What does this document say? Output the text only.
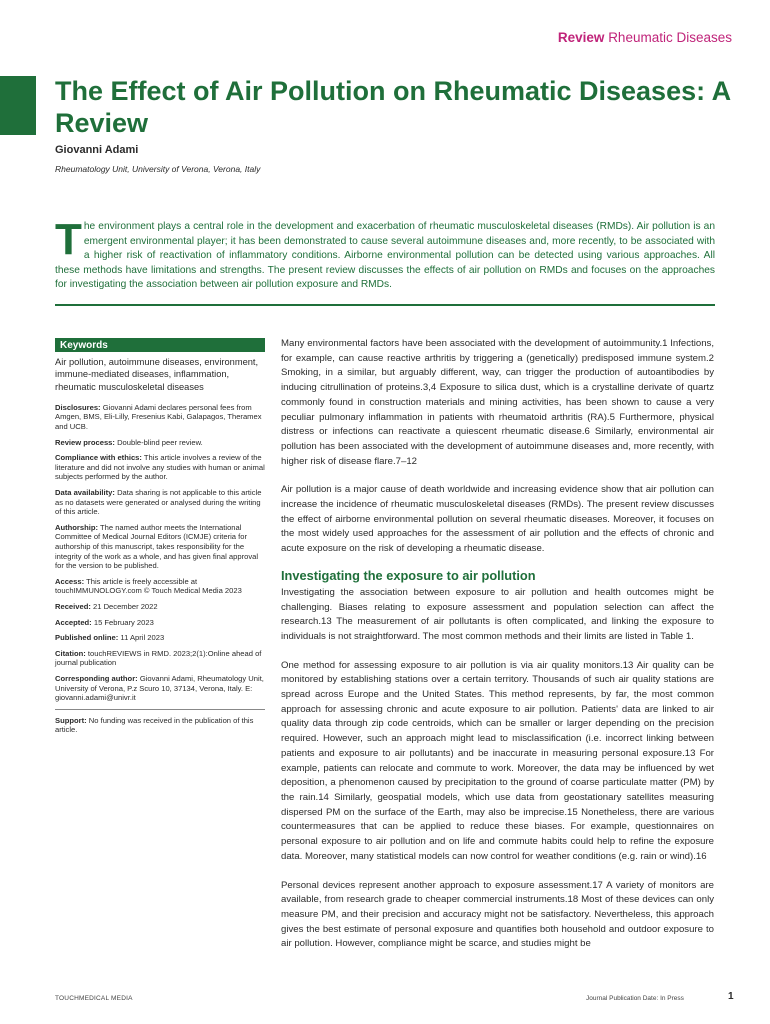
Review Rheumatic Diseases
The Effect of Air Pollution on Rheumatic Diseases: A Review
Giovanni Adami
Rheumatology Unit, University of Verona, Verona, Italy
The environment plays a central role in the development and exacerbation of rheumatic musculoskeletal diseases (RMDs). Air pollution is an emergent environmental player; it has been demonstrated to cause several autoimmune diseases and, more recently, to be associated with a higher risk of reactivation of inflammatory conditions. Airborne environmental pollution can be detected using various approaches. All these methods have limitations and strengths. The present review discusses the effects of air pollution on RMDs and focuses on the approaches for investigating the association between air pollution exposure and RMDs.
Keywords
Air pollution, autoimmune diseases, environment, immune-mediated diseases, inflammation, rheumatic musculoskeletal diseases
Disclosures: Giovanni Adami declares personal fees from Amgen, BMS, Eli-Lilly, Fresenius Kabi, Galapagos, Theramex and UCB.
Review process: Double-blind peer review.
Compliance with ethics: This article involves a review of the literature and did not involve any studies with human or animal subjects performed by the author.
Data availability: Data sharing is not applicable to this article as no datasets were generated or analysed during the writing of this article.
Authorship: The named author meets the International Committee of Medical Journal Editors (ICMJE) criteria for authorship of this manuscript, takes responsibility for the integrity of the work as a whole, and has given final approval for the version to be published.
Access: This article is freely accessible at touchIMMUNOLOGY.com © Touch Medical Media 2023
Received: 21 December 2022
Accepted: 15 February 2023
Published online: 11 April 2023
Citation: touchREVIEWS in RMD. 2023;2(1):Online ahead of journal publication
Corresponding author: Giovanni Adami, Rheumatology Unit, University of Verona, P.z Scuro 10, 37134, Verona, Italy. E: giovanni.adami@univr.it
Support: No funding was received in the publication of this article.

Many environmental factors have been associated with the development of autoimmunity.1 Infections, for example, can cause reactive arthritis by triggering a (genetically) predisposed immune system.2 Smoking, in a similar, but arguably different, way, can trigger the production of autoantibodies by inducing citrullination of proteins.3,4 Exposure to silica dust, which is a crystalline derivate of quartz commonly found in construction materials and mining activities, has been shown to cause a very peculiar pulmonary inflammation in patients with rheumatoid arthritis (RA).5 Furthermore, physical distress or infections can reactivate a quiescent rheumatic disease.6 Similarly, environmental air pollution has been associated with the development of autoimmune diseases and, more recently, with higher risk of disease flare.7–12

Air pollution is a major cause of death worldwide and increasing evidence show that air pollution can increase the incidence of rheumatic musculoskeletal diseases (RMDs). The present review discusses the effect of airborne environmental pollution on several rheumatic diseases. Moreover, it focuses on the most widely used approaches for the assessment of air pollution and the effects of chronic and acute exposure on the risk of developing a rheumatic disease.

Investigating the exposure to air pollution

Investigating the association between exposure to air pollution and health outcomes might be challenging. Biases relating to exposure assessment and population selection can affect the research.13 The measurement of air pollutants is often complicated, and linking the exposure to individuals is not straightforward. The most common methods and their limits are listed in Table 1.

One method for assessing exposure to air pollution is via air quality monitors.13 Air quality can be monitored by establishing stations over a certain territory. Thousands of such air quality stations are spread across Europe and the United States. This method represents, by far, the most common approach for assessing chronic and acute exposure to air pollution. Patients' data are linked to air quality data through zip code centroids, which can be smaller or larger depending on the precision required. However, such an approach might lead to misclassification (i.e. incorrect linking between patients and exposure to air pollutants) and be inaccurate in measuring personal exposure.13 For example, patients can relocate and commute to work. Moreover, the data may be influenced by wet deposition, a phenomenon caused by precipitation to the ground of coarse particulate matter (PM) by the rain.14 Similarly, geospatial models, which use data from geostationary satellites measuring dispersed PM on the surface of the Earth, may also be imprecise.15 Nonetheless, there are various countermeasures that can be applied to reduce these biases. For example, questionnaires on personal exposure to air pollution and on life and commute habits could help to refine the exposure data. Moreover, many statistical models can now control for weather conditions (e.g. rain or wind).16

Personal devices represent another approach to exposure assessment.17 A variety of monitors are available, from research grade to cheaper commercial instruments.18 Most of these devices can only measure PM, and their precision and accuracy might not be satisfactory. Nevertheless, this approach gives the best estimate of personal exposure and quantifies both household and outdoor exposure to air pollution. However, compliance might be scarce, and studies might be

TOUCHMEDICAL MEDIA	Journal Publication Date: In Press	1
